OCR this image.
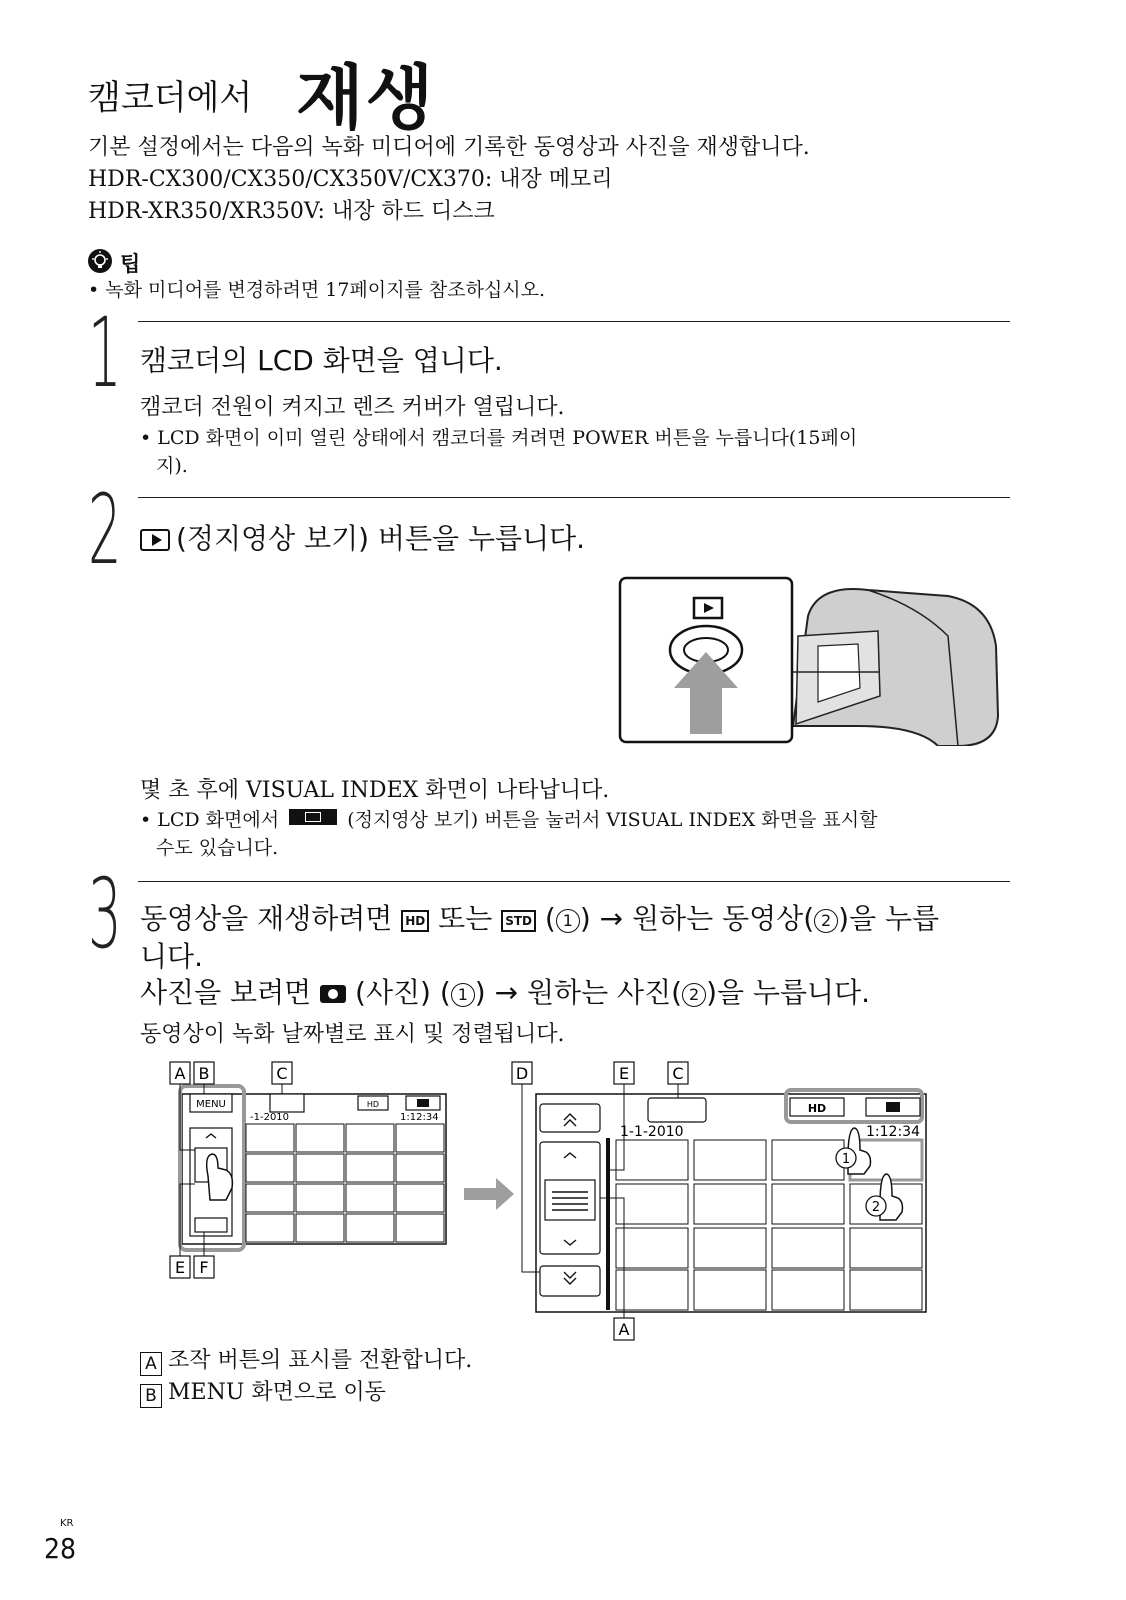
캠코더에서 재생
기본 설정에서는 다음의 녹화 미디어에 기록한 동영상과 사진을 재생합니다.
HDR-CX300/CX350/CX350V/CX370: 내장 메모리
HDR-XR350/XR350V: 내장 하드 디스크
팁
• 녹화 미디어를 변경하려면 17페이지를 참조하십시오.
1 캠코더의 LCD 화면을 엽니다.
캠코더 전원이 켜지고 렌즈 커버가 열립니다.
• LCD 화면이 이미 열린 상태에서 캠코더를 켜려면 POWER 버튼을 누릅니다(15페이
지).
2	(정지영상 보기) 버튼을 누릅니다.
몇 초 후에 VISUAL INDEX 화면이 나타납니다.
• LCD 화면에서	(정지영상 보기) 버튼을 눌러서 VISUAL INDEX 화면을 표시할
수도 있습니다.
3 동영상을 재생하려면 HD 또는 STD ( 1 ) → 원하는 동영상( 2 )을 누릅
니다.
사진을 보려면 (사진) ( 1 ) → 원하는 사진( 2 )을 누릅니다.
동영상이 녹화 날짜별로 표시 및 정렬됩니다.
MENU	HD
-1-2010	1:12:34
A B	C
E F
HD
1-1-2010	1:12:34
1
2
D	E	C
A
A 조작 버튼의 표시를 전환합니다.
B MENU 화면으로 이동
KR
28
